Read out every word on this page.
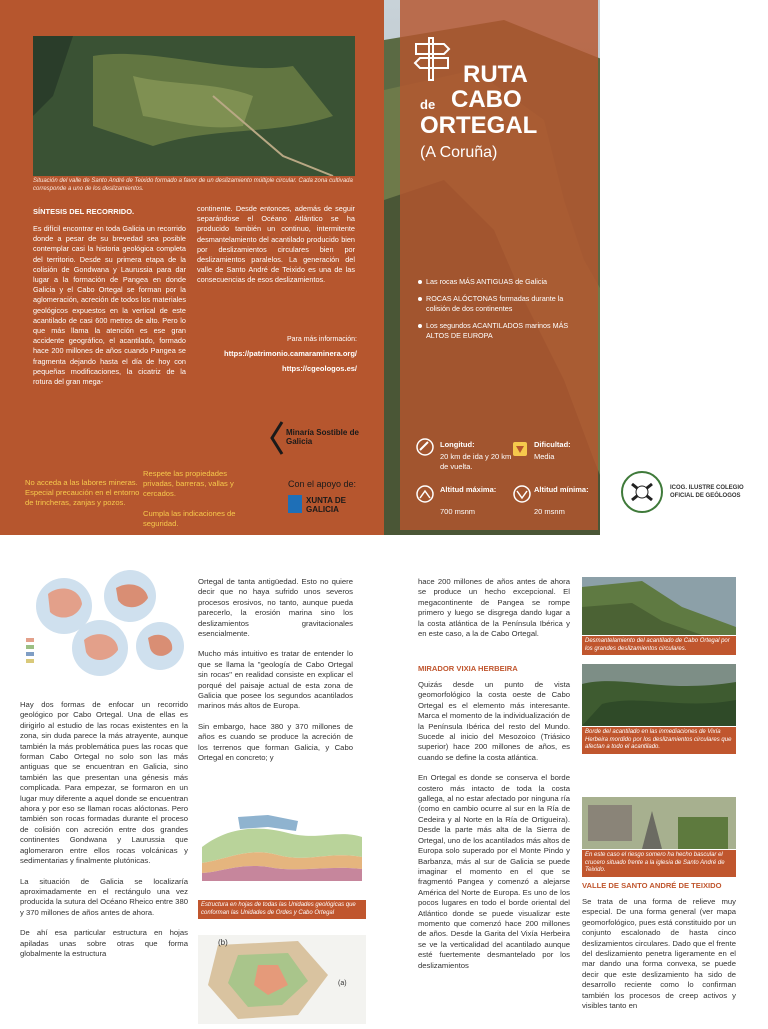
RUTA
de CABO
ORTEGAL
(A Coruña)
Situación del valle de Santo André de Teixido formado a favor de un deslizamiento múltiple circular. Cada zona cultivada corresponde a uno de los deslizamientos.
SÍNTESIS DEL RECORRIDO.
Es difícil encontrar en toda Galicia un recorrido donde a pesar de su brevedad sea posible contemplar casi la historia geológica completa del territorio. Desde su primera etapa de la colisión de Gondwana y Laurussia para dar lugar a la formación de Pangea en donde Galicia y el Cabo Ortegal se forman por la aglomeración, acreción de todos los materiales geológicos expuestos en la vertical de este acantilado de casi 600 metros de alto. Pero lo que más llama la atención es ese gran accidente geográfico, el acantilado, formado hace 200 millones de años cuando Pangea se fragmenta dejando hasta el día de hoy con pequeñas modificaciones, la cicatriz de la rotura del gran mega-
continente. Desde entonces, además de seguir separándose el Océano Atlántico se ha producido también un continuo, intermitente desmantelamiento del acantilado producido bien por deslizamientos circulares bien por deslizamientos paralelos. La generación del valle de Santo André de Teixido es una de las consecuencias de esos deslizamientos.
Para más información:
https://patrimonio.camaraminera.org/
https://cgeologos.es/
Minaría Sostible de Galicia
No acceda a las labores mineras. Especial precaución en el entorno de trincheras, zanjas y pozos.
Respete las propiedades privadas, barreras, vallas y cercados.
Cumpla las indicaciones de seguridad.
Con el apoyo de:
XUNTA DE GALICIA
Las rocas MÁS ANTIGUAS de Galicia
ROCAS ALÓCTONAS formadas durante la colisión de dos continentes
Los segundos ACANTILADOS marinos MÁS ALTOS DE EUROPA
Longitud:
20 km de ida y 20 km de vuelta.
Dificultad:
Media
Altitud máxima:
700 msnm
Altitud mínima:
20 msnm
ICOG. ILUSTRE COLEGIO OFICIAL DE GEÓLOGOS

Hay dos formas de enfocar un recorrido geológico por Cabo Ortegal. Una de ellas es dirigirlo al estudio de las rocas existentes en la zona, sin duda parece la más atrayente, aunque también la más problemática pues las rocas que forman Cabo Ortegal no solo son las más antiguas que se encuentran en Galicia, sino también las que presentan una génesis más complicada. Para empezar, se formaron en un lugar muy diferente a aquel donde se encuentran ahora y por eso se llaman rocas alóctonas. Pero también son rocas formadas durante el proceso de colisión con acreción entre dos grandes continentes Gondwana y Laurussia que aglomeraron entre ellos rocas volcánicas y sedimentarias y finalmente plutónicas.

La situación de Galicia se localizaría aproximadamente en el rectángulo una vez producida la sutura del Océano Rheico entre 380 y 370 millones de años antes de ahora.

De ahí esa particular estructura en hojas apiladas unas sobre otras que forma globalmente la estructura

Ortegal de tanta antigüedad. Esto no quiere decir que no haya sufrido unos severos procesos erosivos, no tanto, aunque pueda parecerlo, la erosión marina sino los deslizamientos gravitacionales esencialmente.

Mucho más intuitivo es tratar de entender lo que se llama la "geología de Cabo Ortegal sin rocas" en realidad consiste en explicar el porqué del paisaje actual de esta zona de Galicia que posee los segundos acantilados marinos más altos de Europa.

Sin embargo, hace 380 y 370 millones de años es cuando se produce la acreción de los terrenos que forman Galicia, y Cabo Ortegal en concreto; y

Estructura en hojas de todas las Unidades geológicas que conforman las Unidades de Ordes y Cabo Ortegal
(b)
(a)
hace 200 millones de años antes de ahora se produce un hecho excepcional. El megacontinente de Pangea se rompe primero y luego se disgrega dando lugar a la costa atlántica de la Península Ibérica y en este caso, a la de Cabo Ortegal.
MIRADOR VIXIA HERBEIRA

Quizás desde un punto de vista geomorfológico la costa oeste de Cabo Ortegal es el elemento más interesante. Marca el momento de la individualización de la Península Ibérica del resto del Mundo. Sucede al inicio del Mesozoico (Triásico superior) hace 200 millones de años, es cuando se define la costa atlántica.

En Ortegal es donde se conserva el borde costero más intacto de toda la costa gallega, al no estar afectado por ninguna ría (como en cambio ocurre al sur en la Ría de Cedeira y al Norte en la Ría de Ortigueira). Desde la parte más alta de la Sierra de Ortegal, uno de los acantilados más altos de Europa solo superado por el Monte Pindo y Barbanza, más al sur de Galicia se puede imaginar el momento en el que se fragmentó Pangea y comenzó a alejarse América del Norte de Europa. Es uno de los pocos lugares en todo el borde oriental del Atlántico donde se puede visualizar este momento que comenzó hace 200 millones de años. Desde la Garita del Vixía Herbeira se ve la verticalidad del acantilado aunque esté fuertemente desmantelado por los deslizamientos

Desmantelamiento del acantilado de Cabo Ortegal por los grandes deslizamientos circulares.
Borde del acantilado en las inmediaciones de Vixía Herbeira mordido por los deslizamientos circulares que afectan a todo el acantilado.
En este caso el riesgo somero ha hecho bascular el crucero situado frente a la iglesia de Santo André de Teixido.
VALLE DE SANTO ANDRÉ DE TEIXIDO
Se trata de una forma de relieve muy especial. De una forma general (ver mapa geomorfológico, pues está constituido por un conjunto escalonado de hasta cinco deslizamientos circulares. Dado que el frente del deslizamiento penetra ligeramente en el mar dando una forma convexa, se puede decir que este deslizamiento ha sido de desarrollo reciente como lo confirman también los procesos de creep activos y visibles tanto en
